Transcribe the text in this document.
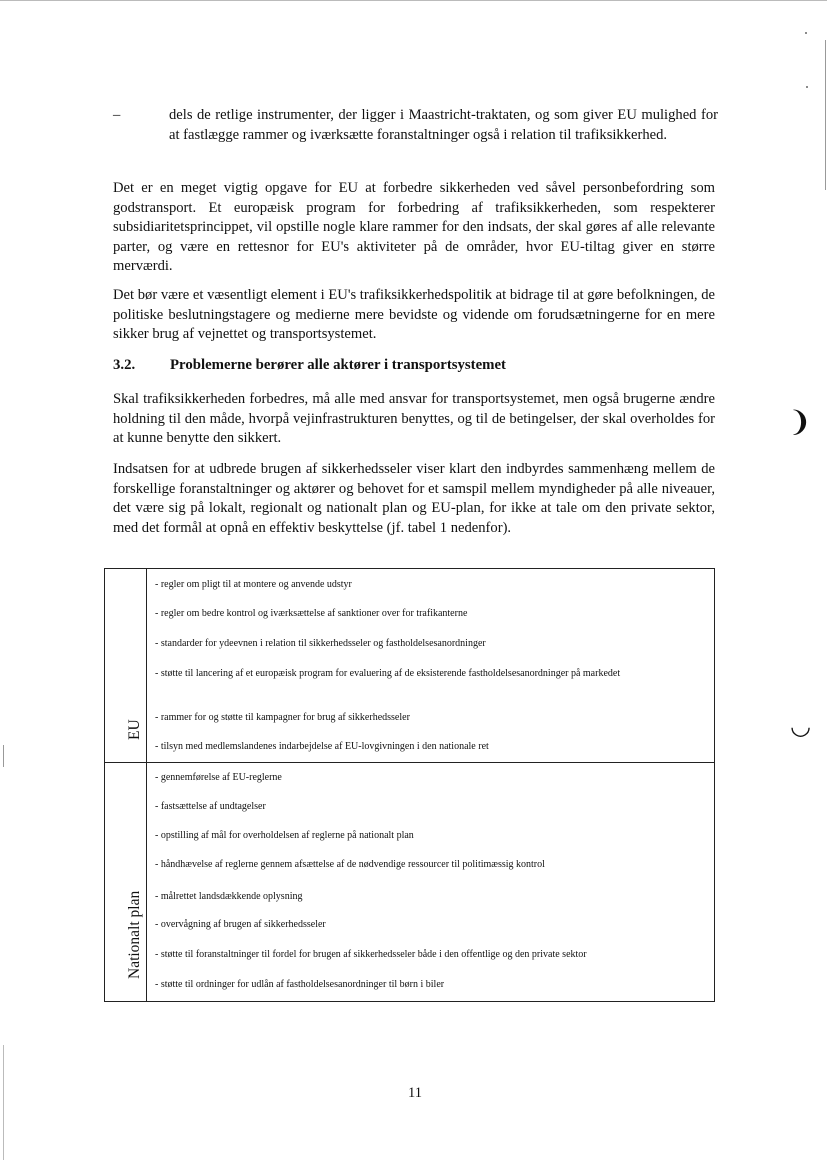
–	dels de retlige instrumenter, der ligger i Maastricht-traktaten, og som giver EU mulighed for at fastlægge rammer og iværksætte foranstaltninger også i relation til trafiksikkerhed.

Det er en meget vigtig opgave for EU at forbedre sikkerheden ved såvel personbefordring som godstransport. Et europæisk program for forbedring af trafiksikkerheden, som respekterer subsidiaritetsprincippet, vil opstille nogle klare rammer for den indsats, der skal gøres af alle relevante parter, og være en rettesnor for EU's aktiviteter på de områder, hvor EU-tiltag giver en større merværdi.

Det bør være et væsentligt element i EU's trafiksikkerhedspolitik at bidrage til at gøre befolkningen, de politiske beslutningstagere og medierne mere bevidste og vidende om forudsætningerne for en mere sikker brug af vejnettet og transportsystemet.

3.2. Problemerne berører alle aktører i transportsystemet

Skal trafiksikkerheden forbedres, må alle med ansvar for transportsystemet, men også brugerne ændre holdning til den måde, hvorpå vejinfrastrukturen benyttes, og til de betingelser, der skal overholdes for at kunne benytte den sikkert.

Indsatsen for at udbrede brugen af sikkerhedsseler viser klart den indbyrdes sammenhæng mellem de forskellige foranstaltninger og aktører og behovet for et samspil mellem myndigheder på alle niveauer, det være sig på lokalt, regionalt og nationalt plan og EU-plan, for ikke at tale om den private sektor, med det formål at opnå en effektiv beskyttelse (jf. tabel 1 nedenfor).

EU
- regler om pligt til at montere og anvende udstyr
- regler om bedre kontrol og iværksættelse af sanktioner over for trafikanterne
- standarder for ydeevnen i relation til sikkerhedsseler og fastholdelsesanordninger
- støtte til lancering af et europæisk program for evaluering af de eksisterende fastholdelsesanordninger på markedet
- rammer for og støtte til kampagner for brug af sikkerhedsseler
- tilsyn med medlemslandenes indarbejdelse af EU-lovgivningen i den nationale ret
Nationalt plan
- gennemførelse af EU-reglerne
- fastsættelse af undtagelser
- opstilling af mål for overholdelsen af reglerne på nationalt plan
- håndhævelse af reglerne gennem afsættelse af de nødvendige ressourcer til politimæssig kontrol
- målrettet landsdækkende oplysning
- overvågning af brugen af sikkerhedsseler
- støtte til foranstaltninger til fordel for brugen af sikkerhedsseler både i den offentlige og den private sektor
- støtte til ordninger for udlån af fastholdelsesanordninger til børn i biler
11
❩
◡
